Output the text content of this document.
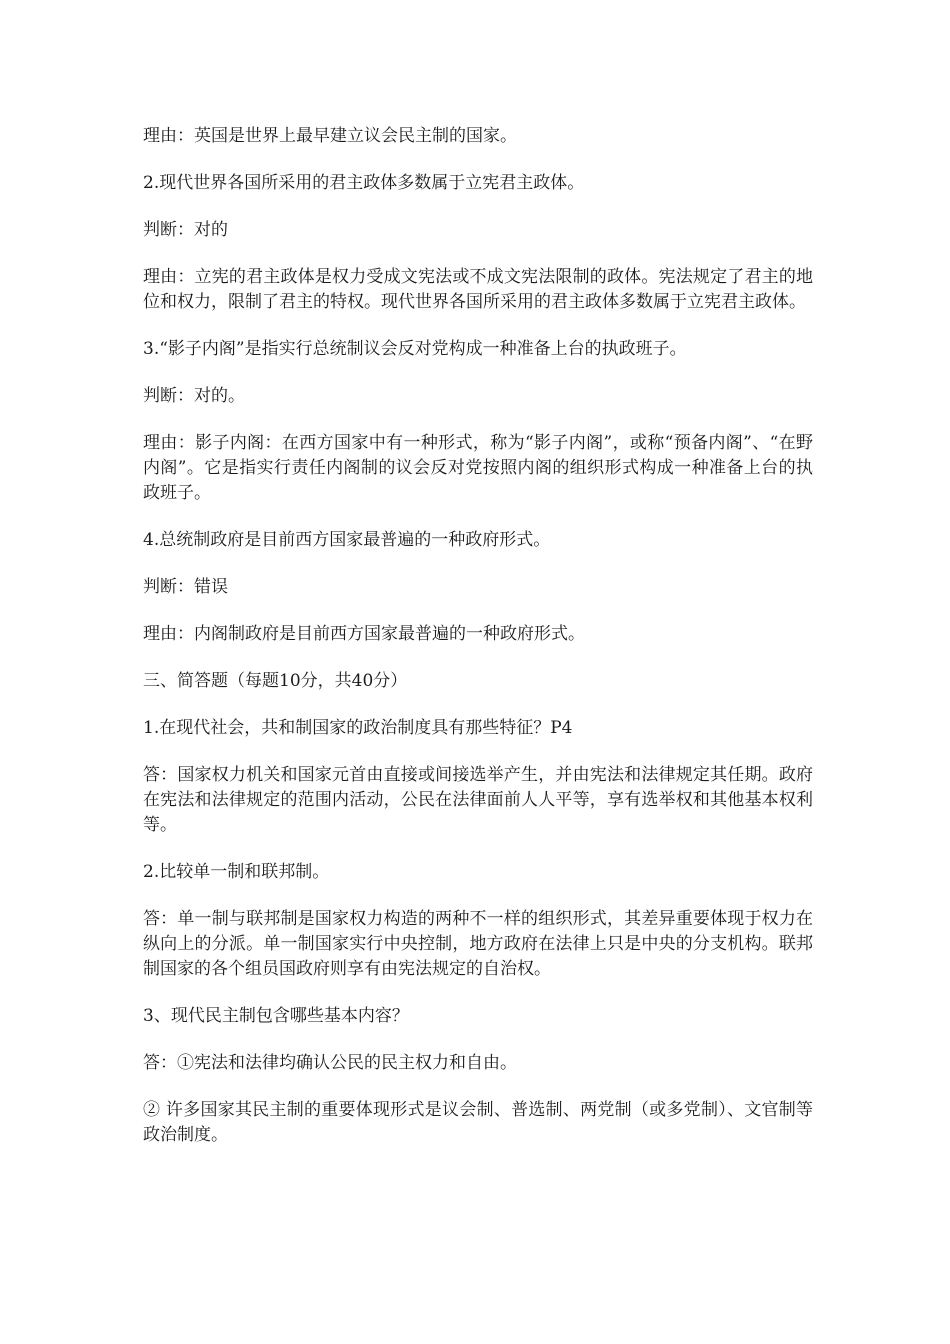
理由：英国是世界上最早建立议会民主制的国家。

2.现代世界各国所采用的君主政体多数属于立宪君主政体。

判断：对的

理由：立宪的君主政体是权力受成文宪法或不成文宪法限制的政体。宪法规定了君主的地位和权力，限制了君主的特权。现代世界各国所采用的君主政体多数属于立宪君主政体。

3.“影子内阁”是指实行总统制议会反对党构成一种准备上台的执政班子。

判断：对的。

理由：影子内阁：在西方国家中有一种形式，称为“影子内阁”，或称“预备内阁”、“在野内阁”。它是指实行责任内阁制的议会反对党按照内阁的组织形式构成一种准备上台的执政班子。

4.总统制政府是目前西方国家最普遍的一种政府形式。

判断：错误

理由：内阁制政府是目前西方国家最普遍的一种政府形式。

三、简答题（每题10分，共40分）

1.在现代社会，共和制国家的政治制度具有那些特征？P4

答：国家权力机关和国家元首由直接或间接选举产生，并由宪法和法律规定其任期。政府在宪法和法律规定的范围内活动，公民在法律面前人人平等，享有选举权和其他基本权利等。

2.比较单一制和联邦制。

答：单一制与联邦制是国家权力构造的两种不一样的组织形式，其差异重要体现于权力在纵向上的分派。单一制国家实行中央控制，地方政府在法律上只是中央的分支机构。联邦制国家的各个组员国政府则享有由宪法规定的自治权。

3、现代民主制包含哪些基本内容？

答：①宪法和法律均确认公民的民主权力和自由。

② 许多国家其民主制的重要体现形式是议会制、普选制、两党制（或多党制）、文官制等政治制度。
